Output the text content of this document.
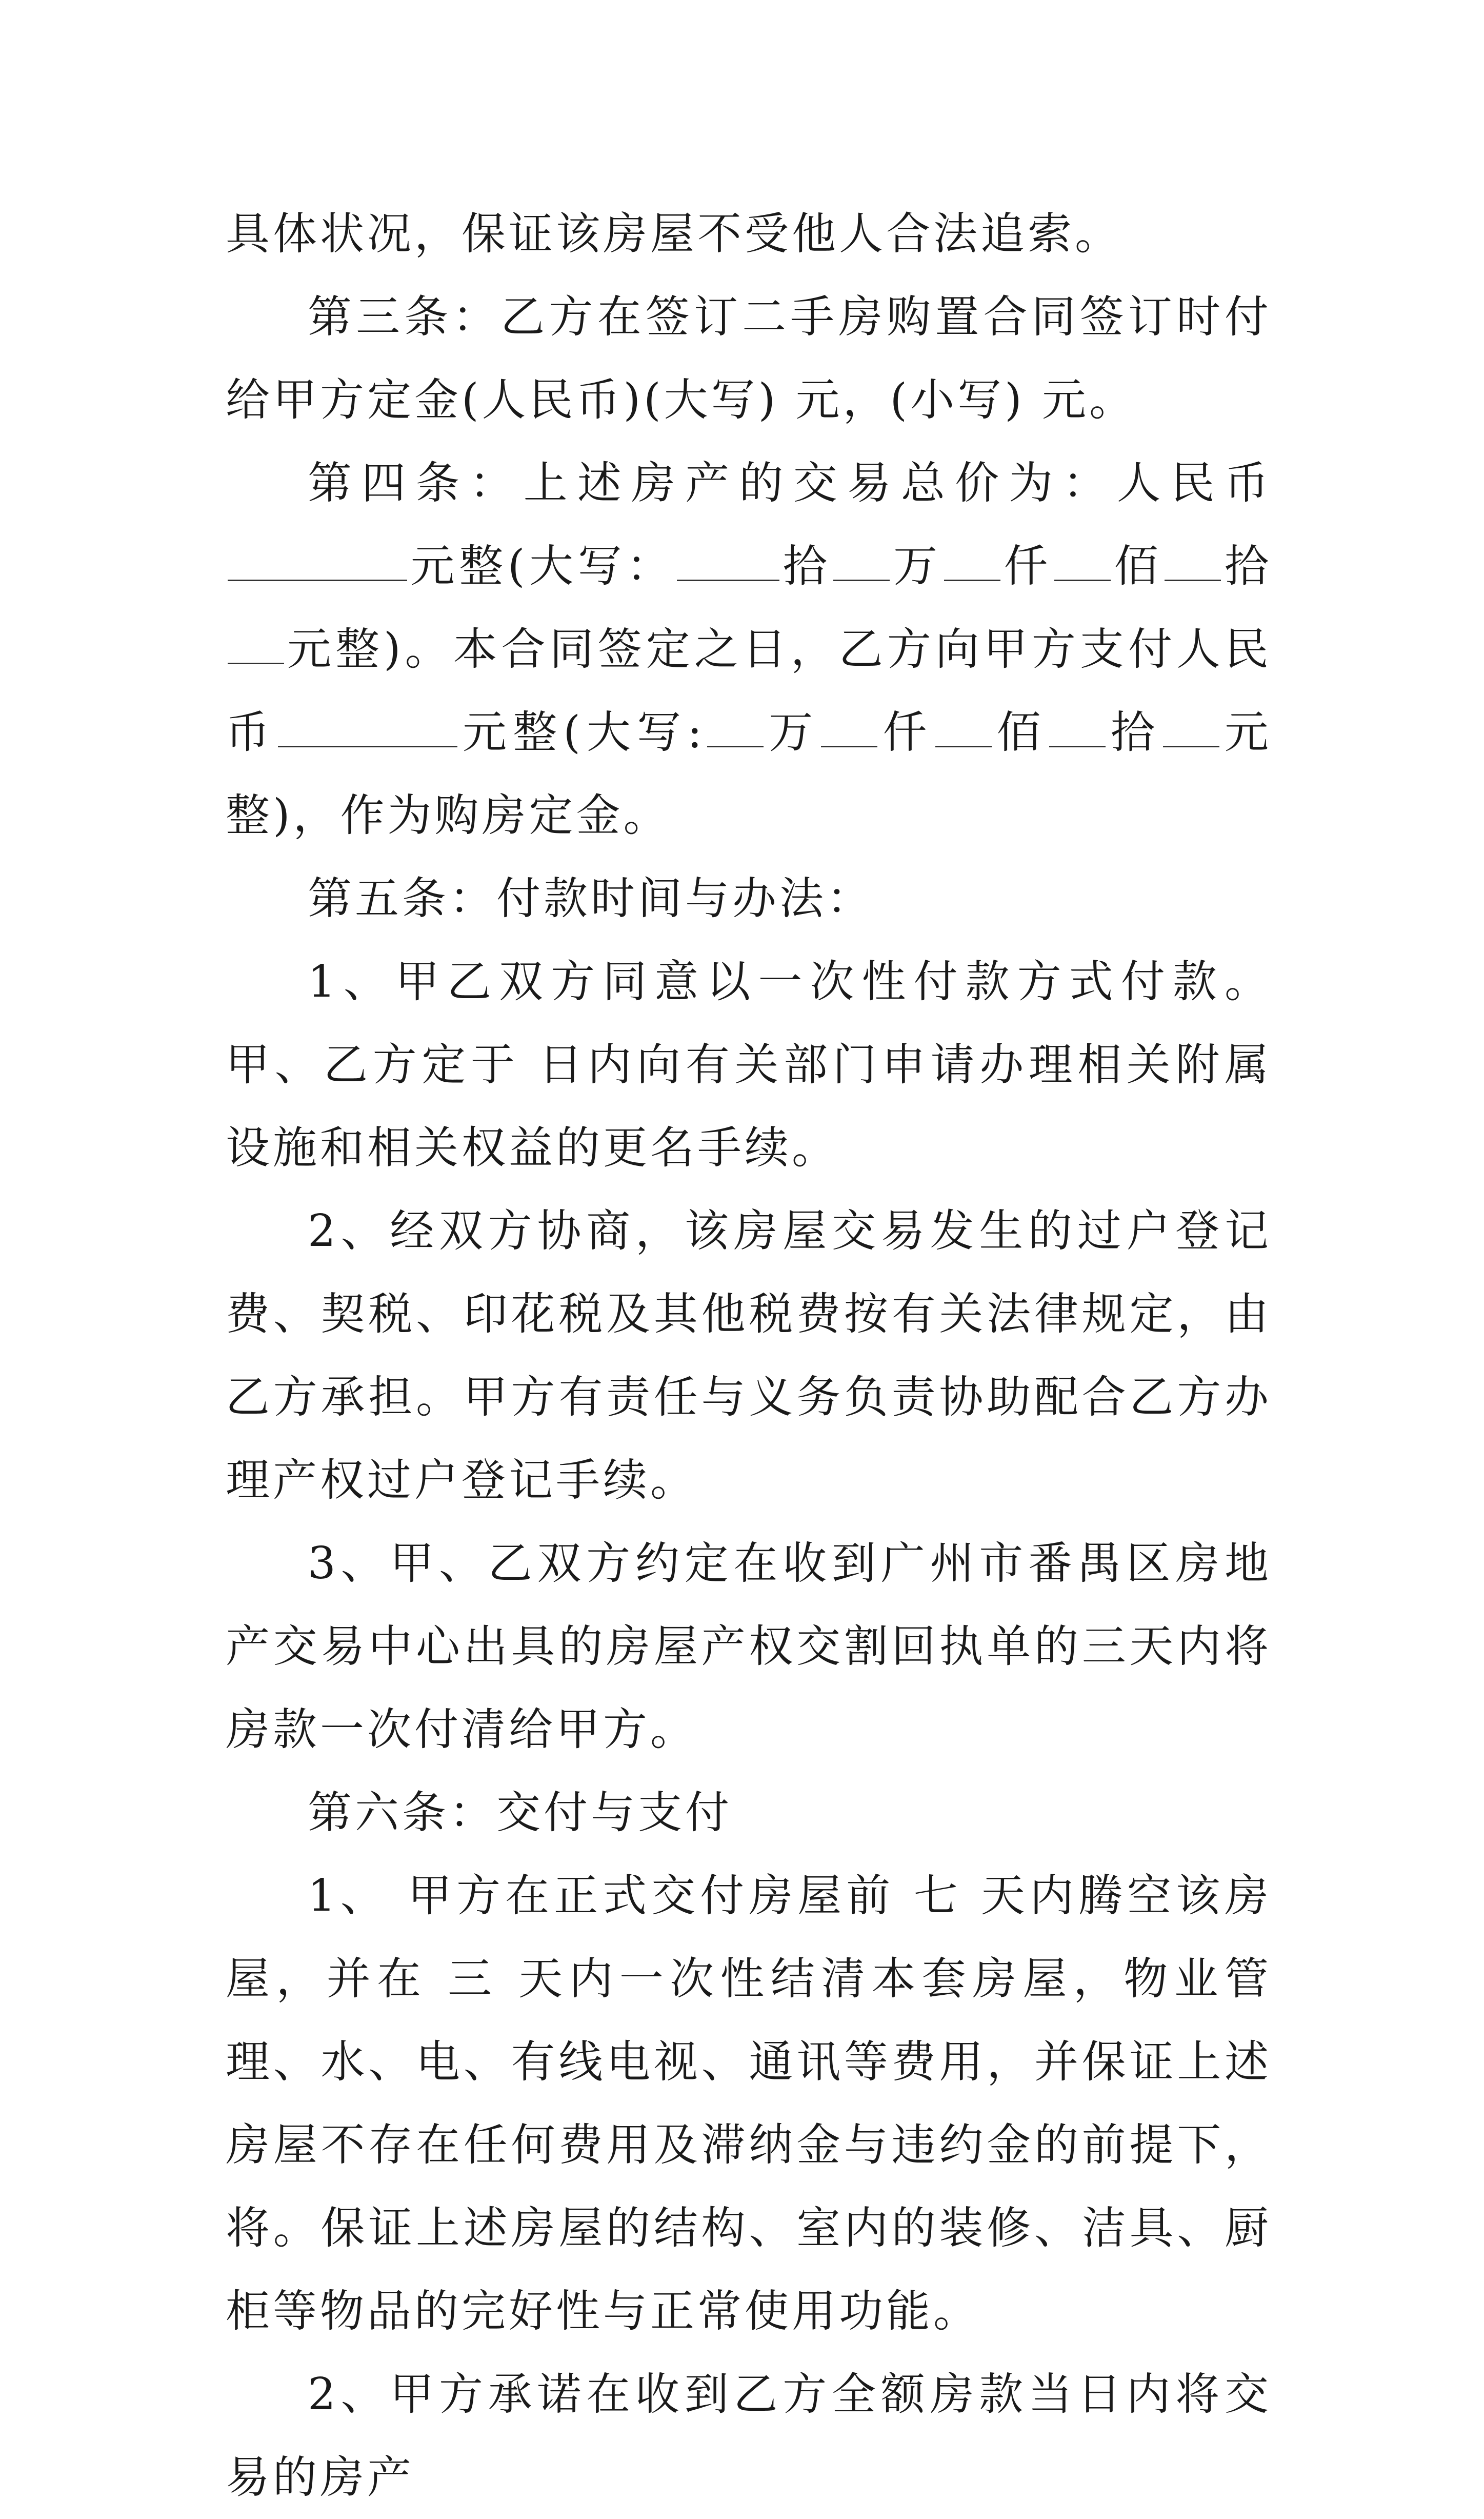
具体状况，保证该房屋不受他人合法追索。

第三条：乙方在签订二手房购置合同签订时付给甲方定金(人民币)(大写) 元，(小写) 元。

第四条：上述房产的交易总价为：人民币元整(大写： 拾 万 仟 佰 拾元整)。本合同签定之日，乙方向甲方支付人民币	元整(大写: 万 仟 佰 拾 元整)，作为购房定金。

第五条：付款时间与办法：

1、甲乙双方同意以一次性付款方式付款。甲、乙方定于 日内向有关部门申请办理相关附属设施和相关权益的更名手续。

2、经双方协商，该房屋交易发生的过户登记费、契税、印花税及其他税费按有关法律规定，由乙方承担。甲方有责任与义务负责协助配合乙方办理产权过户登记手续。

3、甲、乙双方约定在收到广州市番禺区房地产交易中心出具的房屋产权交割回执单的三天内将房款一次付清给甲方。

第六条：交付与支付

1、 甲方在正式交付房屋前 七 天内腾空该房屋，并在 三 天内一次性结清本套房屋，物业管理、水、电、有线电视、通讯等费用，并保证上述房屋不存在任何费用及滞纳金与违约金的前提下，将。保证上述房屋的结构、室内的装修、洁具、厨柜等物品的完好性与正常使用功能。

2、甲方承诺在收到乙方全额房款当日内将交易的房产
